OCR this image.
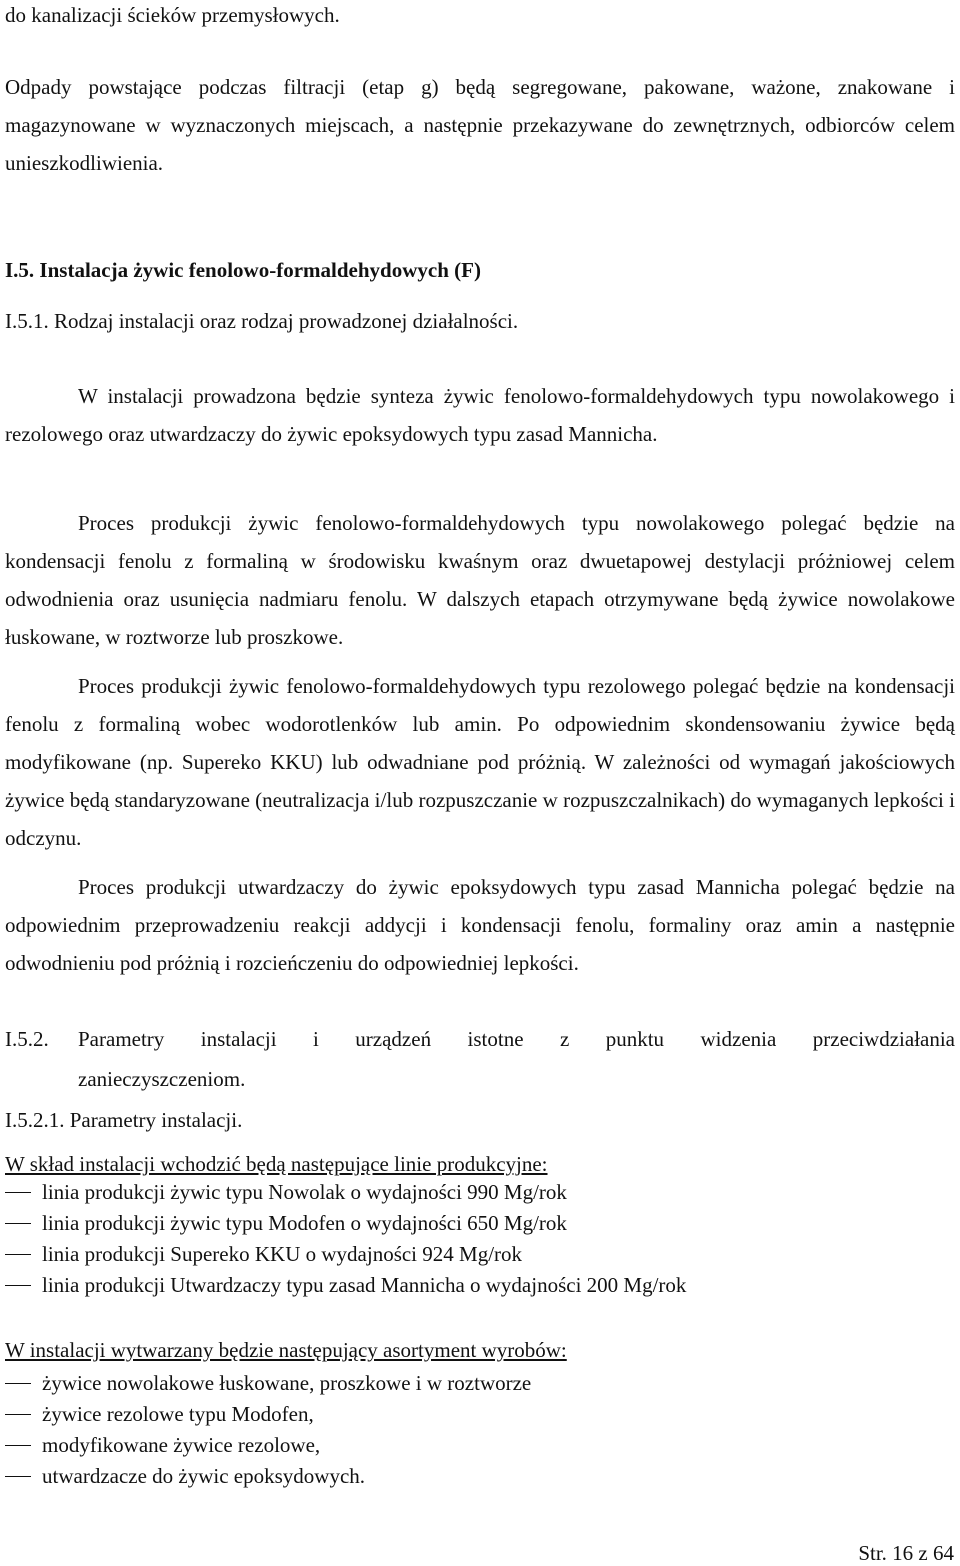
do kanalizacji ścieków przemysłowych.
Odpady powstające podczas filtracji (etap g) będą segregowane, pakowane, ważone, znakowane i magazynowane w wyznaczonych miejscach, a następnie przekazywane do zewnętrznych, odbiorców celem unieszkodliwienia.
I.5. Instalacja żywic fenolowo-formaldehydowych (F)
I.5.1. Rodzaj instalacji oraz rodzaj prowadzonej działalności.
W instalacji prowadzona będzie synteza żywic fenolowo-formaldehydowych typu nowolakowego i rezolowego oraz utwardzaczy do żywic epoksydowych typu zasad Mannicha.
Proces produkcji żywic fenolowo-formaldehydowych typu nowolakowego polegać będzie na kondensacji fenolu z formaliną w środowisku kwaśnym oraz dwuetapowej destylacji próżniowej celem odwodnienia oraz usunięcia nadmiaru fenolu. W dalszych etapach otrzymywane będą żywice nowolakowe łuskowane, w roztworze lub proszkowe.
Proces produkcji żywic fenolowo-formaldehydowych typu rezolowego polegać będzie na kondensacji fenolu z formaliną wobec wodorotlenków lub amin. Po odpowiednim skondensowaniu żywice będą modyfikowane (np. Supereko KKU) lub odwadniane pod próżnią. W zależności od wymagań jakościowych żywice będą standaryzowane (neutralizacja i/lub rozpuszczanie w rozpuszczalnikach) do wymaganych lepkości i odczynu.
Proces produkcji utwardzaczy do żywic epoksydowych typu zasad Mannicha polegać będzie na odpowiednim przeprowadzeniu reakcji addycji i kondensacji fenolu, formaliny oraz amin a następnie odwodnieniu pod próżnią i rozcieńczeniu do odpowiedniej lepkości.
I.5.2.	Parametry instalacji i urządzeń istotne z punktu widzenia przeciwdziałania
zanieczyszczeniom.
I.5.2.1. Parametry instalacji.
W skład instalacji wchodzić będą następujące linie produkcyjne:
linia produkcji żywic typu Nowolak o wydajności 990 Mg/rok
linia produkcji żywic typu Modofen o wydajności 650 Mg/rok
linia produkcji Supereko KKU o wydajności 924 Mg/rok
linia produkcji Utwardzaczy typu zasad Mannicha o wydajności 200 Mg/rok
W instalacji wytwarzany będzie następujący asortyment wyrobów:
żywice nowolakowe łuskowane, proszkowe i w roztworze
żywice rezolowe typu Modofen,
modyfikowane żywice rezolowe,
utwardzacze do żywic epoksydowych.
Str. 16 z 64
